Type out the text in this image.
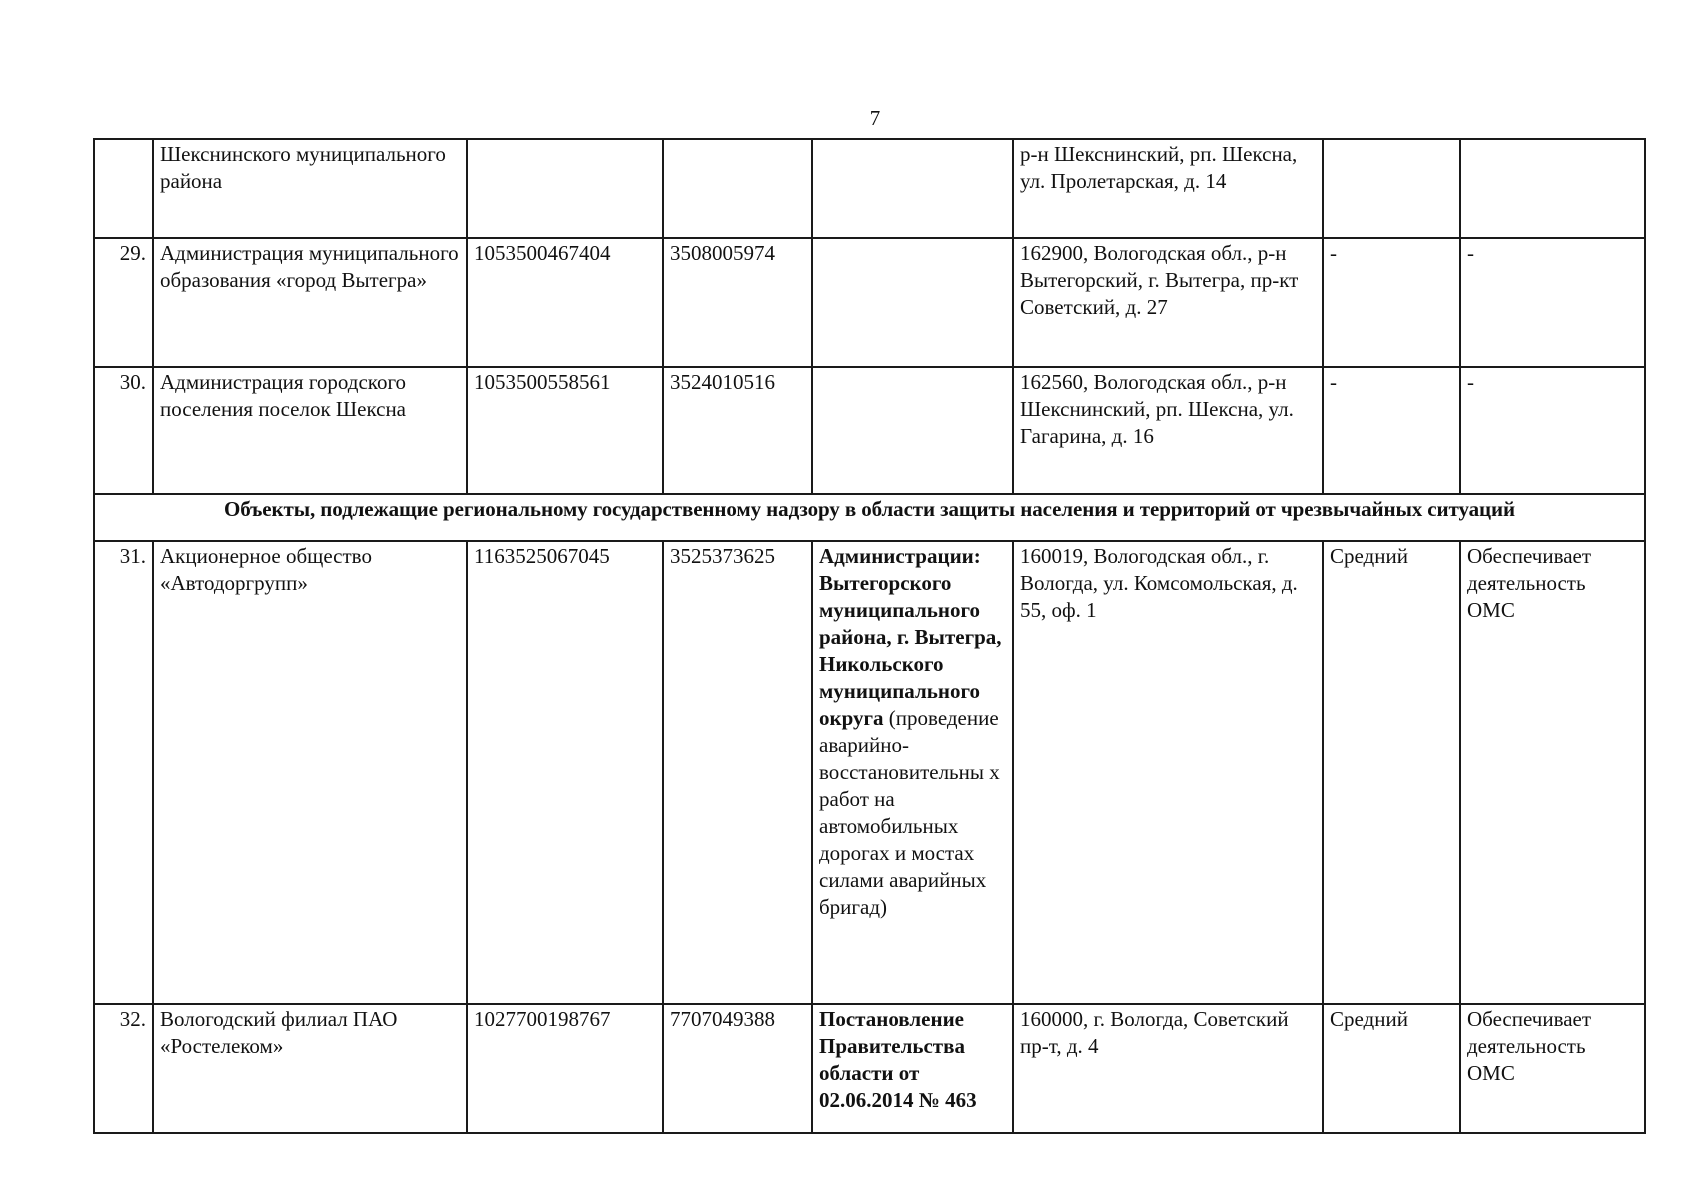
7
	Шекснинского муниципального района				р-н Шекснинский, рп. Шексна, ул. Пролетарская, д. 14		
29.	Администрация муниципального образования «город Вытегра»	1053500467404	3508005974		162900, Вологодская обл., р-н Вытегорский, г. Вытегра, пр-кт Советский, д. 27	-	-
30.	Администрация городского поселения поселок Шексна	1053500558561	3524010516		162560, Вологодская обл., р-н Шекснинский, рп. Шексна, ул. Гагарина, д. 16	-	-
Объекты, подлежащие региональному государственному надзору в области защиты населения и территорий от чрезвычайных ситуаций							
31.	Акционерное общество «Автодоргрупп»	1163525067045	3525373625	Администрации: Вытегорского муниципального района, г. Вытегра, Никольского муниципального округа (проведение аварийно-восстановительны х работ на автомобильных дорогах и мостах силами аварийных бригад)	160019, Вологодская обл., г. Вологда, ул. Комсомольская, д. 55, оф. 1	Средний	Обеспечивает деятельность ОМС
32.	Вологодский филиал ПАО «Ростелеком»	1027700198767	7707049388	Постановление Правительства области от 02.06.2014 № 463	160000, г. Вологда, Советский пр-т, д. 4	Средний	Обеспечивает деятельность ОМС
